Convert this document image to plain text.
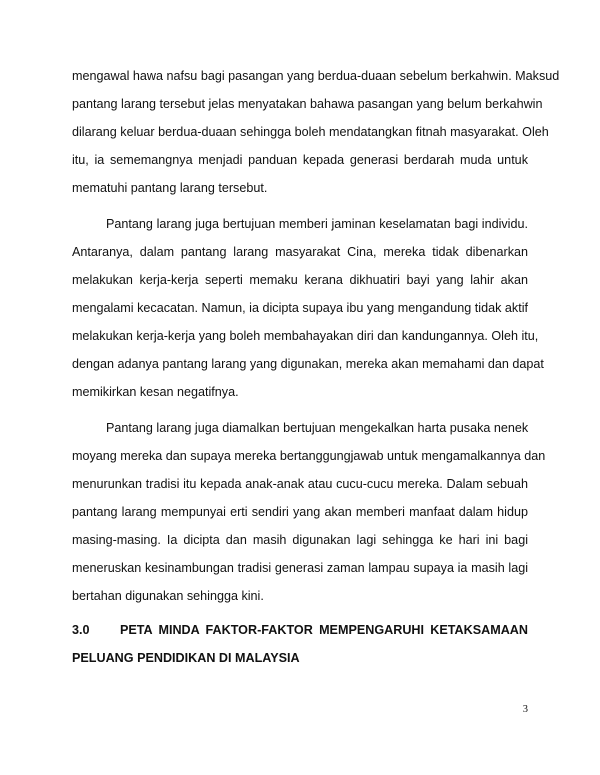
mengawal hawa nafsu bagi pasangan yang berdua-duaan sebelum berkahwin. Maksud
pantang larang tersebut jelas menyatakan bahawa pasangan yang belum berkahwin
dilarang keluar berdua-duaan sehingga boleh mendatangkan fitnah masyarakat. Oleh
itu, ia sememangnya menjadi panduan kepada generasi berdarah muda untuk
mematuhi pantang larang tersebut.
Pantang larang juga bertujuan memberi jaminan keselamatan bagi individu.
Antaranya, dalam pantang larang masyarakat Cina, mereka tidak dibenarkan
melakukan kerja-kerja seperti memaku kerana dikhuatiri bayi yang lahir akan
mengalami kecacatan. Namun, ia dicipta supaya ibu yang mengandung tidak aktif
melakukan kerja-kerja yang boleh membahayakan diri dan kandungannya. Oleh itu,
dengan adanya pantang larang yang digunakan, mereka akan memahami dan dapat
memikirkan kesan negatifnya.
Pantang larang juga diamalkan bertujuan mengekalkan harta pusaka nenek
moyang mereka dan supaya mereka bertanggungjawab untuk mengamalkannya dan
menurunkan tradisi itu kepada anak-anak atau cucu-cucu mereka. Dalam sebuah
pantang larang mempunyai erti sendiri yang akan memberi manfaat dalam hidup
masing-masing. Ia dicipta dan masih digunakan lagi sehingga ke hari ini bagi
meneruskan kesinambungan tradisi generasi zaman lampau supaya ia masih lagi
bertahan digunakan sehingga kini.
3.0	PETA MINDA FAKTOR-FAKTOR MEMPENGARUHI KETAKSAMAAN
PELUANG PENDIDIKAN DI MALAYSIA
3
